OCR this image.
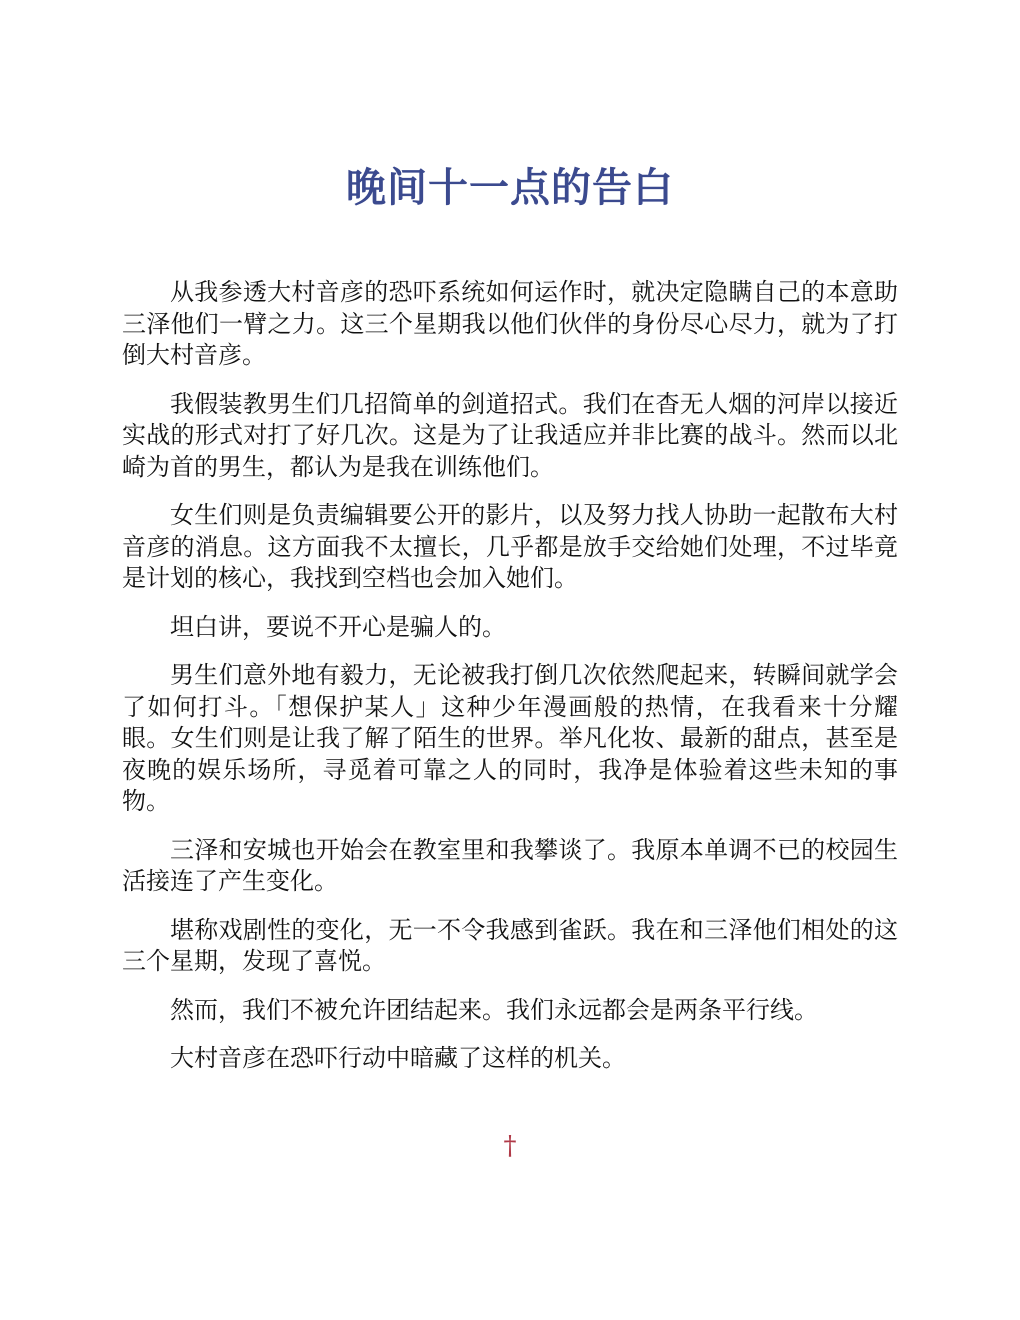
晚间十一点的告白

从我参透大村音彦的恐吓系统如何运作时，就决定隐瞒自己的本意助三泽他们一臂之力。这三个星期我以他们伙伴的身份尽心尽力，就为了打倒大村音彦。

我假装教男生们几招简单的剑道招式。我们在杳无人烟的河岸以接近实战的形式对打了好几次。这是为了让我适应并非比赛的战斗。然而以北崎为首的男生，都认为是我在训练他们。

女生们则是负责编辑要公开的影片，以及努力找人协助一起散布大村音彦的消息。这方面我不太擅长，几乎都是放手交给她们处理，不过毕竟是计划的核心，我找到空档也会加入她们。

坦白讲，要说不开心是骗人的。

男生们意外地有毅力，无论被我打倒几次依然爬起来，转瞬间就学会了如何打斗。「想保护某人」这种少年漫画般的热情，在我看来十分耀眼。女生们则是让我了解了陌生的世界。举凡化妆、最新的甜点，甚至是夜晚的娱乐场所，寻觅着可靠之人的同时，我净是体验着这些未知的事物。

三泽和安城也开始会在教室里和我攀谈了。我原本单调不已的校园生活接连了产生变化。

堪称戏剧性的变化，无一不令我感到雀跃。我在和三泽他们相处的这三个星期，发现了喜悦。

然而，我们不被允许团结起来。我们永远都会是两条平行线。

大村音彦在恐吓行动中暗藏了这样的机关。

†
